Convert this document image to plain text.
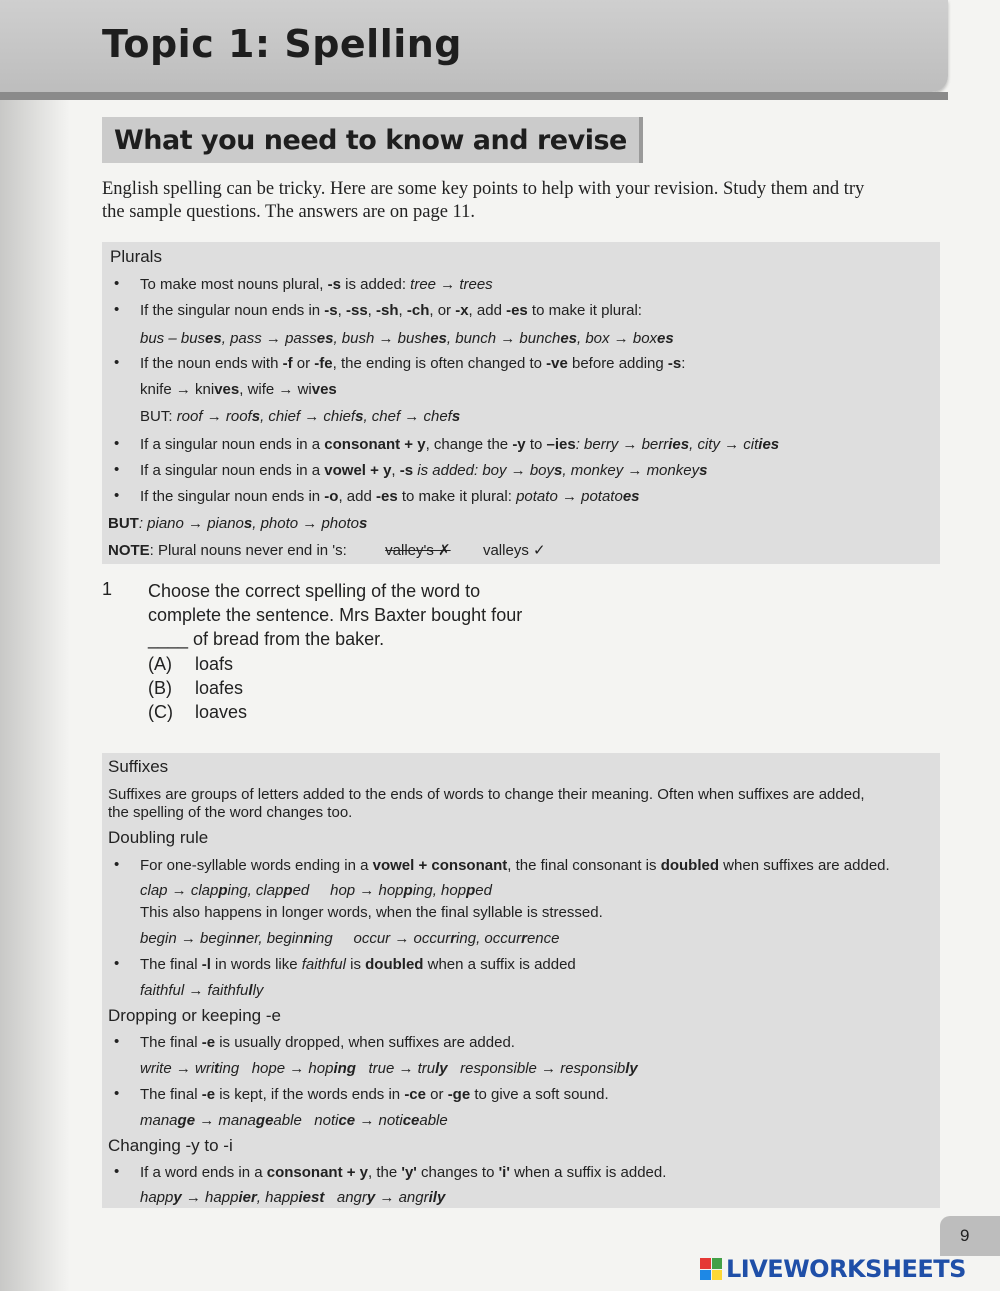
Topic 1: Spelling
What you need to know and revise
English spelling can be tricky. Here are some key points to help with your revision. Study them and try
the sample questions. The answers are on page 11.
Plurals
• To make most nouns plural, -s is added: tree → trees
• If the singular noun ends in -s, -ss, -sh, -ch, or -x, add -es to make it plural:
bus – buses, pass → passes, bush → bushes, bunch → bunches, box → boxes
• If the noun ends with -f or -fe, the ending is often changed to -ve before adding -s:
knife → knives, wife → wives
BUT: roof → roofs, chief → chiefs, chef → chefs
• If a singular noun ends in a consonant + y, change the -y to –ies: berry → berries, city → cities
• If a singular noun ends in a vowel + y, -s is added: boy → boys, monkey → monkeys
• If the singular noun ends in -o, add -es to make it plural: potato → potatoes
BUT: piano → pianos, photo → photos
NOTE: Plural nouns never end in 's:	valley's ✗ valleys ✓
1 Choose the correct spelling of the word to
complete the sentence. Mrs Baxter bought four
____ of bread from the baker.
(A) loafs
(B) loafes
(C) loaves
Suffixes
Suffixes are groups of letters added to the ends of words to change their meaning. Often when suffixes are added,
the spelling of the word changes too.
Doubling rule
• For one-syllable words ending in a vowel + consonant, the final consonant is doubled when suffixes are added.
clap → clapping, clapped     hop → hopping, hopped
This also happens in longer words, when the final syllable is stressed.
begin → beginner, beginning     occur → occurring, occurrence
• The final -l in words like faithful is doubled when a suffix is added
faithful → faithfully
Dropping or keeping -e
• The final -e is usually dropped, when suffixes are added.
write → writing   hope → hoping   true → truly   responsible → responsibly
• The final -e is kept, if the words ends in -ce or -ge to give a soft sound.
manage → manageable   notice → noticeable
Changing -y to -i
• If a word ends in a consonant + y, the 'y' changes to 'i' when a suffix is added.
happy → happier, happiest   angry → angrily
9
LIVEWORKSHEETS
